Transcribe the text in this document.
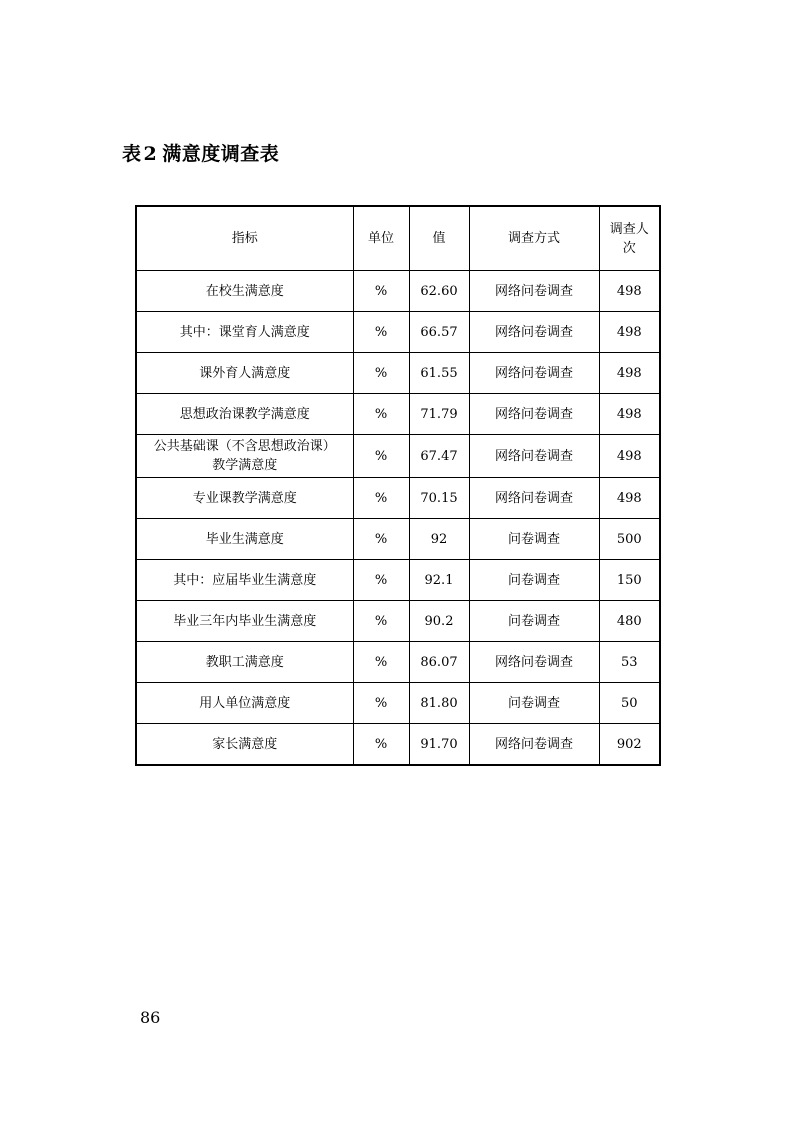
表 2 满意度调查表
指标	单位	值	调查方式	调查人
次

在校生满意度	%	62.60	网络问卷调查	498
其中：课堂育人满意度	%	66.57	网络问卷调查	498
课外育人满意度	%	61.55	网络问卷调查	498
思想政治课教学满意度	%	71.79	网络问卷调查	498

公共基础课（不含思想政治课）
教学满意度	%	67.47	网络问卷调查	498
专业课教学满意度	%	70.15	网络问卷调查	498
毕业生满意度	%	92	问卷调查	500
其中：应届毕业生满意度	%	92.1	问卷调查	150
毕业三年内毕业生满意度	%	90.2	问卷调查	480
教职工满意度	%	86.07	网络问卷调查	53
用人单位满意度	%	81.80	问卷调查	50
家长满意度	%	91.70	网络问卷调查	902
86
